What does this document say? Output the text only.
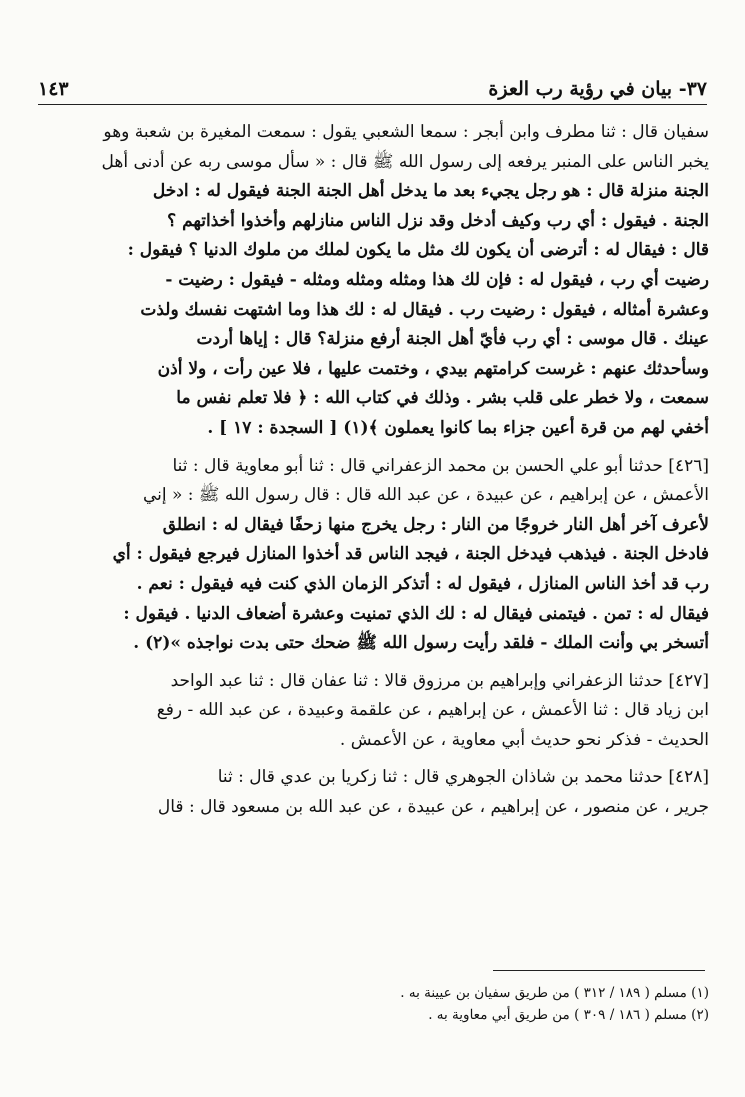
٣٧- بيان في رؤية رب العزة
١٤٣
سفيان قال : ثنا مطرف وابن أبجر : سمعا الشعبي يقول : سمعت المغيرة بن شعبة وهو
يخبر الناس على المنبر يرفعه إلى رسول الله ﷺ قال : « سأل موسى ربه عن أدنى أهل
الجنة منزلة قال : هو رجل يجيء بعد ما يدخل أهل الجنة الجنة فيقول له : ادخل
الجنة . فيقول : أي رب وكيف أدخل وقد نزل الناس منازلهم وأخذوا أخذاتهم ؟
قال : فيقال له : أترضى أن يكون لك مثل ما يكون لملك من ملوك الدنيا ؟ فيقول :
رضيت أي رب ، فيقول له : فإن لك هذا ومثله ومثله ومثله - فيقول : رضيت -
وعشرة أمثاله ، فيقول : رضيت رب . فيقال له : لك هذا وما اشتهت نفسك ولذت
عينك . قال موسى : أي رب فأيّ أهل الجنة أرفع منزلة؟ قال : إياها أردت
وسأحدثك عنهم : غرست كرامتهم بيدي ، وختمت عليها ، فلا عين رأت ، ولا أذن
سمعت ، ولا خطر على قلب بشر . وذلك في كتاب الله : ﴿ فلا تعلم نفس ما
أخفي لهم من قرة أعين جزاء بما كانوا يعملون ﴾(١) [ السجدة : ١٧ ] .
[٤٢٦] حدثنا أبو علي الحسن بن محمد الزعفراني قال : ثنا أبو معاوية قال : ثنا
الأعمش ، عن إبراهيم ، عن عبيدة ، عن عبد الله قال : قال رسول الله ﷺ : « إني
لأعرف آخر أهل النار خروجًا من النار : رجل يخرج منها زحفًا فيقال له : انطلق
فادخل الجنة . فيذهب فيدخل الجنة ، فيجد الناس قد أخذوا المنازل فيرجع فيقول : أي
رب قد أخذ الناس المنازل ، فيقول له : أتذكر الزمان الذي كنت فيه فيقول : نعم .
فيقال له : تمن . فيتمنى فيقال له : لك الذي تمنيت وعشرة أضعاف الدنيا . فيقول :
أتسخر بي وأنت الملك - فلقد رأيت رسول الله ﷺ ضحك حتى بدت نواجذه »(٢) .
[٤٢٧] حدثنا الزعفراني وإبراهيم بن مرزوق قالا : ثنا عفان قال : ثنا عبد الواحد
ابن زياد قال : ثنا الأعمش ، عن إبراهيم ، عن علقمة وعبيدة ، عن عبد الله - رفع
الحديث - فذكر نحو حديث أبي معاوية ، عن الأعمش .
[٤٢٨] حدثنا محمد بن شاذان الجوهري قال : ثنا زكريا بن عدي قال : ثنا
جرير ، عن منصور ، عن إبراهيم ، عن عبيدة ، عن عبد الله بن مسعود قال : قال
(١) مسلم ( ١٨٩ / ٣١٢ ) من طريق سفيان بن عيينة به .
(٢) مسلم ( ١٨٦ / ٣٠٩ ) من طريق أبي معاوية به .
